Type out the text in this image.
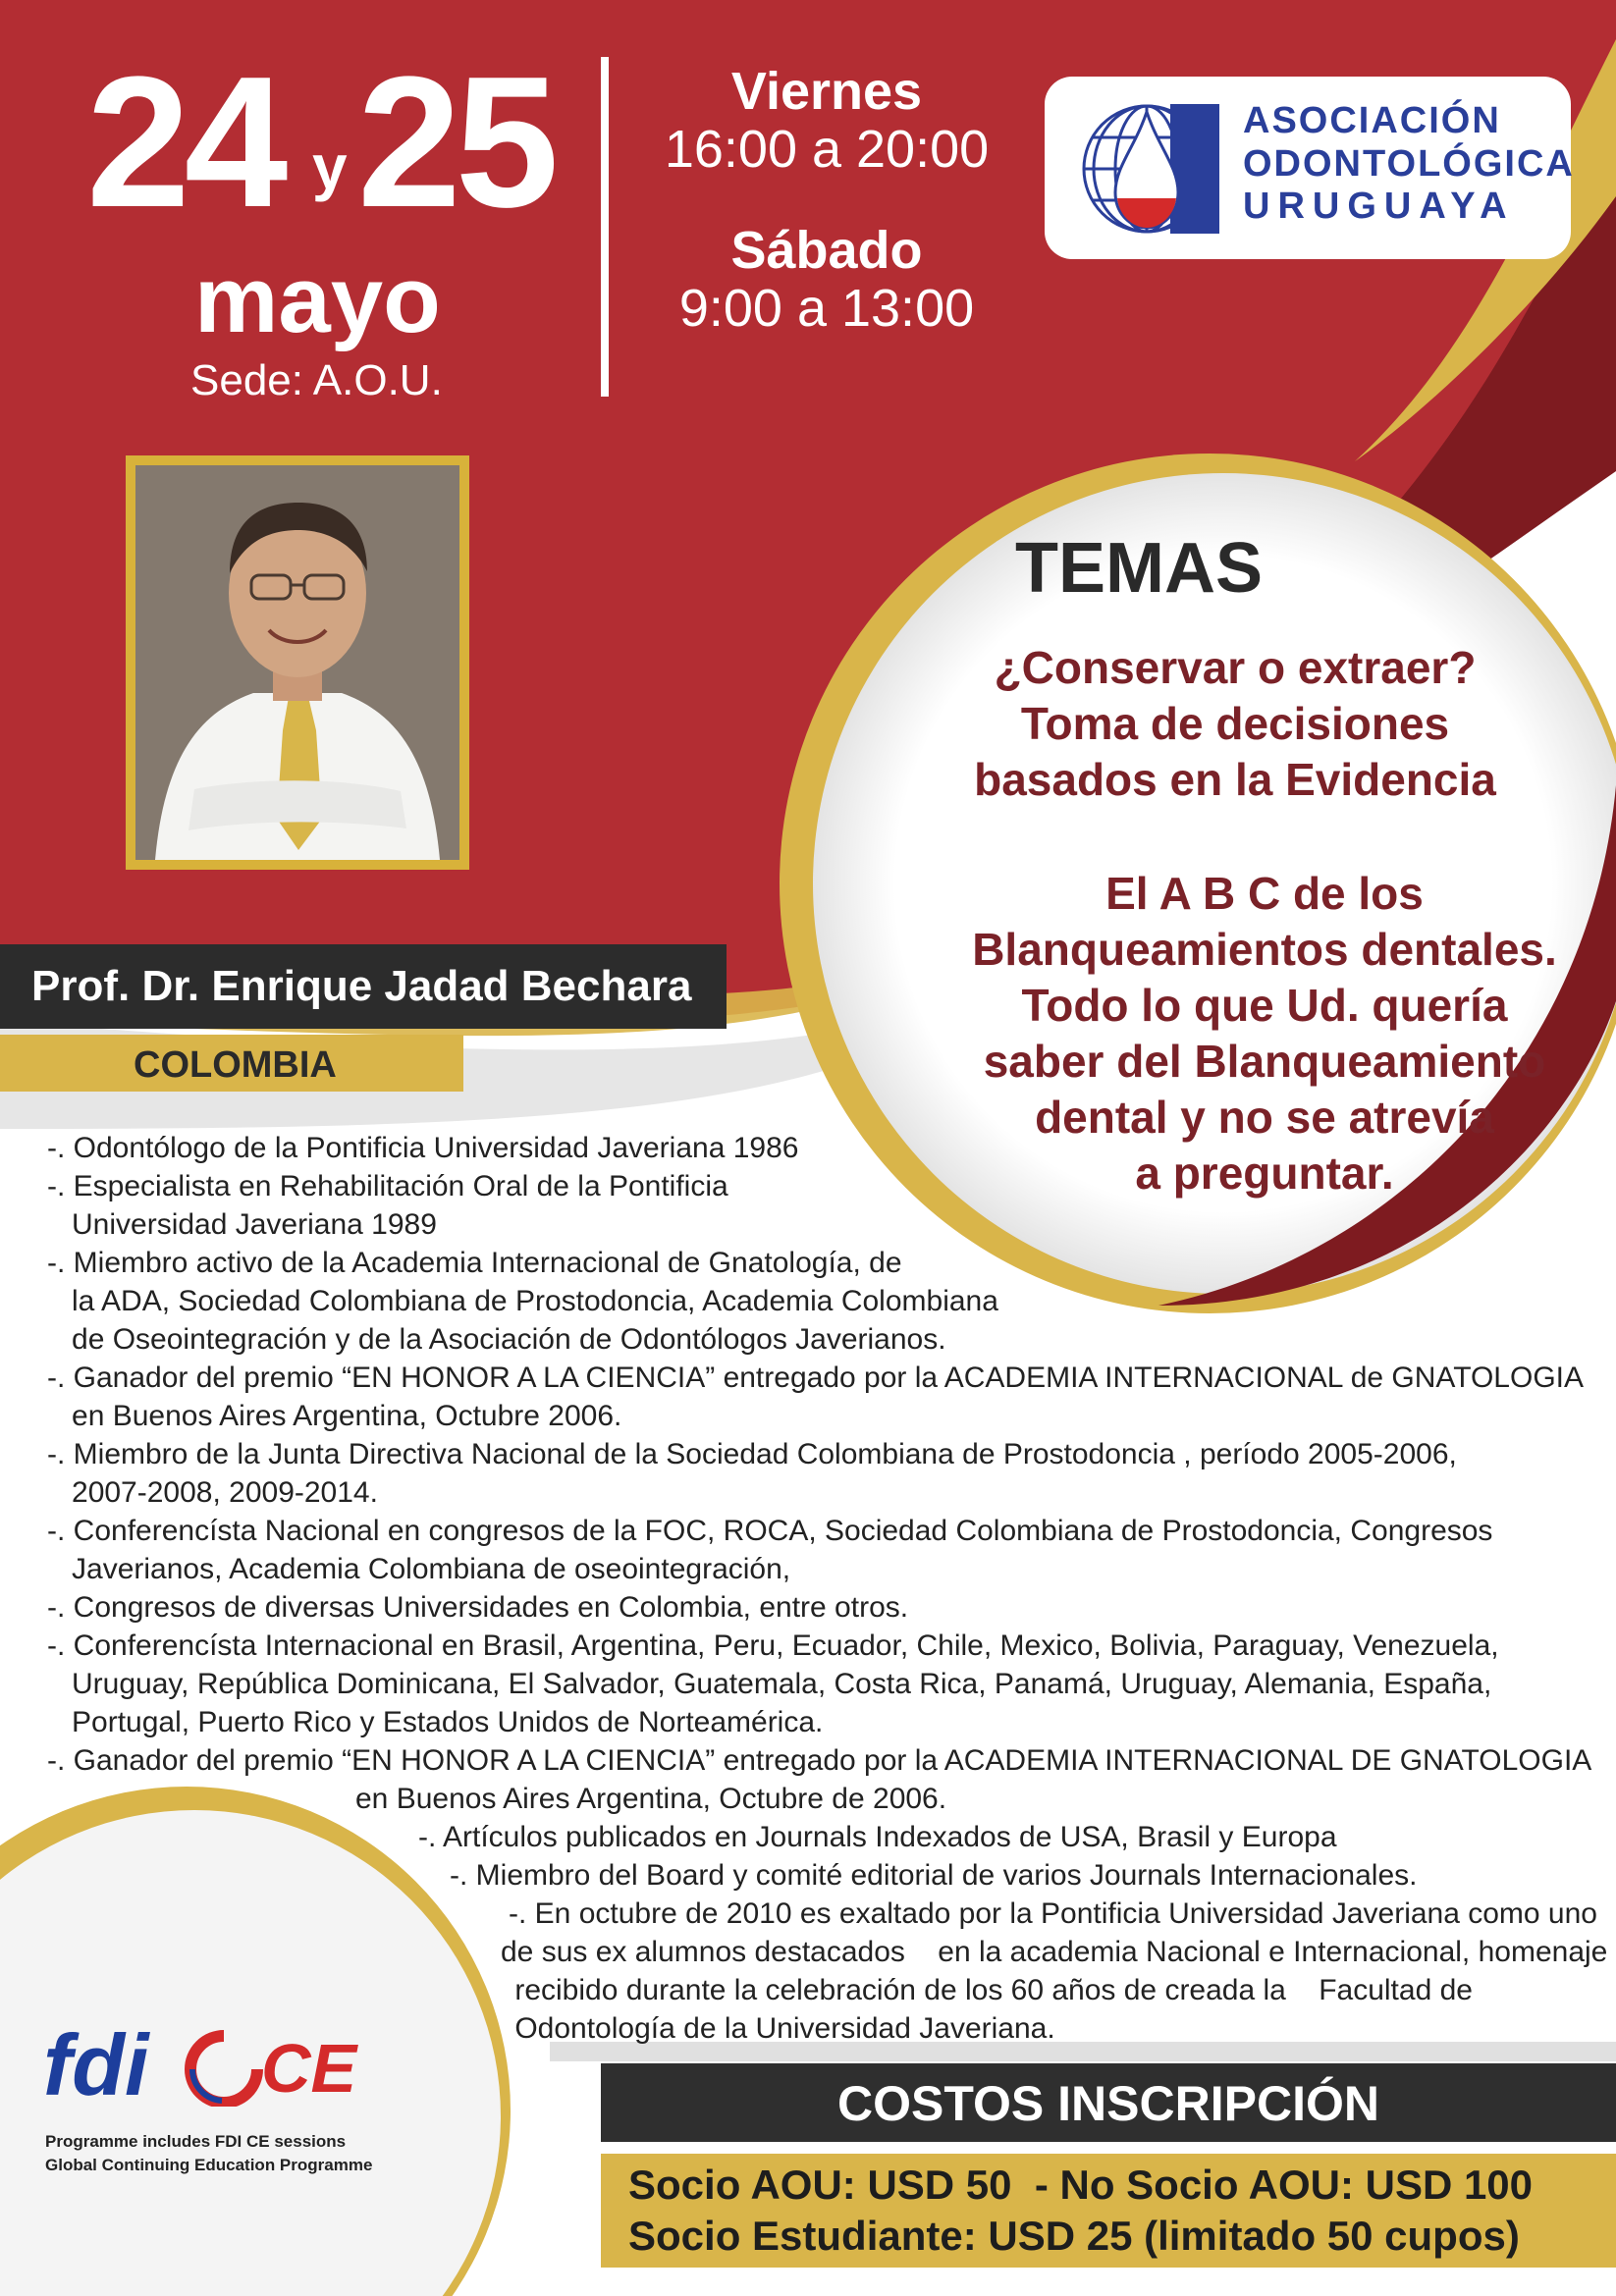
24 y 25
mayo
Sede: A.O.U.
Viernes
16:00 a 20:00
Sábado
9:00 a 13:00
ASOCIACIÓN
ODONTOLÓGICA
URUGUAYA
TEMAS
¿Conservar o extraer?
Toma de decisiones
basados en la Evidencia
El A B C de los
Blanqueamientos dentales.
Todo lo que Ud. quería
saber del Blanqueamiento
dental y no se atrevía
a preguntar.
Prof. Dr. Enrique Jadad Bechara
COLOMBIA
-. Odontólogo de la Pontificia Universidad Javeriana 1986
-. Especialista en Rehabilitación Oral de la Pontificia
Universidad Javeriana 1989
-. Miembro activo de la Academia Internacional de Gnatología, de
la ADA, Sociedad Colombiana de Prostodoncia, Academia Colombiana
de Oseointegración y de la Asociación de Odontólogos Javerianos.
-. Ganador del premio “EN HONOR A LA CIENCIA” entregado por la ACADEMIA INTERNACIONAL de GNATOLOGIA
en Buenos Aires Argentina, Octubre 2006.
-. Miembro de la Junta Directiva Nacional de la Sociedad Colombiana de Prostodoncia , período 2005-2006,
2007-2008, 2009-2014.
-. Conferencísta Nacional en congresos de la FOC, ROCA, Sociedad Colombiana de Prostodoncia, Congresos
Javerianos, Academia Colombiana de oseointegración,
-. Congresos de diversas Universidades en Colombia, entre otros.
-. Conferencísta Internacional en Brasil, Argentina, Peru, Ecuador, Chile, Mexico, Bolivia, Paraguay, Venezuela,
Uruguay, República Dominicana, El Salvador, Guatemala, Costa Rica, Panamá, Uruguay, Alemania, España,
Portugal, Puerto Rico y Estados Unidos de Norteamérica.
-. Ganador del premio “EN HONOR A LA CIENCIA” entregado por la ACADEMIA INTERNACIONAL DE GNATOLOGIA
en Buenos Aires Argentina, Octubre de 2006.
-. Artículos publicados en Journals Indexados de USA, Brasil y Europa
-. Miembro del Board y comité editorial de varios Journals Internacionales.
-. En octubre de 2010 es exaltado por la Pontificia Universidad Javeriana como uno
de sus ex alumnos destacados    en la academia Nacional e Internacional, homenaje
recibido durante la celebración de los 60 años de creada la    Facultad de
Odontología de la Universidad Javeriana.
fdi CE
Programme includes FDI CE sessions
Global Continuing Education Programme
COSTOS INSCRIPCIÓN
Socio AOU: USD 50  - No Socio AOU: USD 100
Socio Estudiante: USD 25 (limitado 50 cupos)
